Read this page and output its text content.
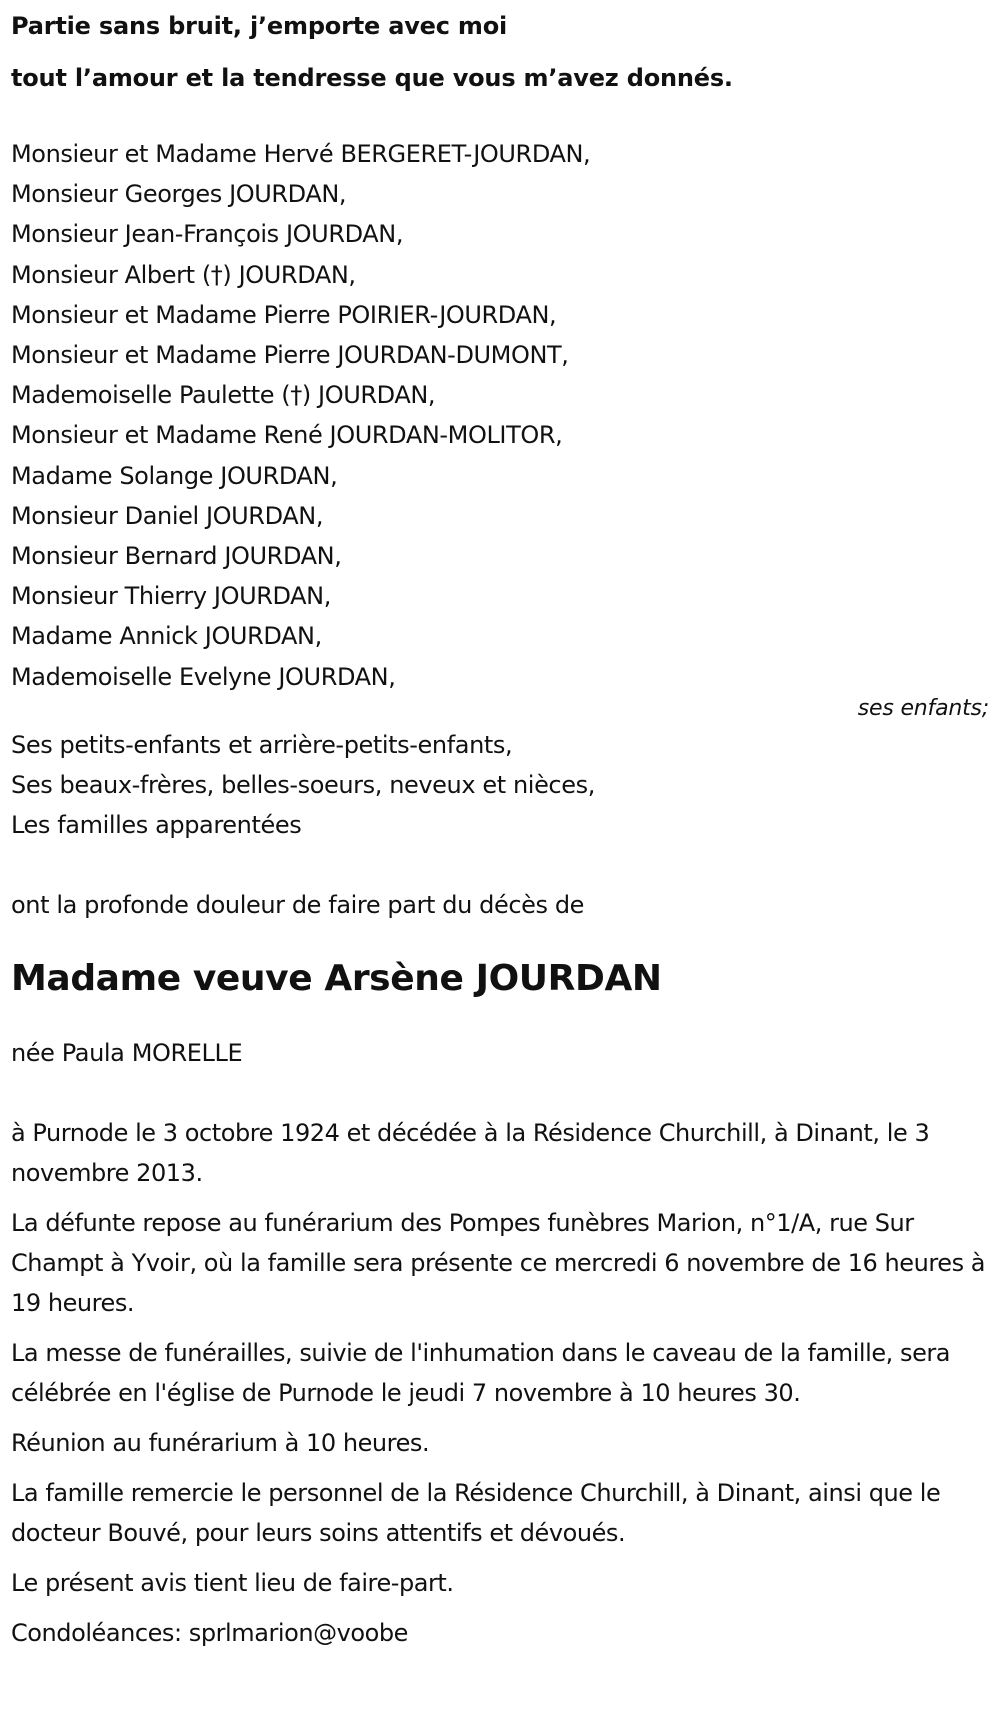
Partie sans bruit, j’emporte avec moi
tout l’amour et la tendresse que vous m’avez donnés.
Monsieur et Madame Hervé BERGERET-JOURDAN,
Monsieur Georges JOURDAN,
Monsieur Jean-François JOURDAN,
Monsieur Albert (†) JOURDAN,
Monsieur et Madame Pierre POIRIER-JOURDAN,
Monsieur et Madame Pierre JOURDAN-DUMONT,
Mademoiselle Paulette (†) JOURDAN,
Monsieur et Madame René JOURDAN-MOLITOR,
Madame Solange JOURDAN,
Monsieur Daniel JOURDAN,
Monsieur Bernard JOURDAN,
Monsieur Thierry JOURDAN,
Madame Annick JOURDAN,
Mademoiselle Evelyne JOURDAN,
ses enfants;
Ses petits-enfants et arrière-petits-enfants,
Ses beaux-frères, belles-soeurs, neveux et nièces,
Les familles apparentées
ont la profonde douleur de faire part du décès de
Madame veuve Arsène JOURDAN
née Paula MORELLE

à Purnode le 3 octobre 1924 et décédée à la Résidence Churchill, à Dinant, le 3 novembre 2013.

La défunte repose au funérarium des Pompes funèbres Marion, n°1/A, rue Sur Champt à Yvoir, où la famille sera présente ce mercredi 6 novembre de 16 heures à 19 heures.

La messe de funérailles, suivie de l'inhumation dans le caveau de la famille, sera célébrée en l'église de Purnode le jeudi 7 novembre à 10 heures 30.

Réunion au funérarium à 10 heures.

La famille remercie le personnel de la Résidence Churchill, à Dinant, ainsi que le docteur Bouvé, pour leurs soins attentifs et dévoués.

Le présent avis tient lieu de faire-part.

Condoléances: sprlmarion@voobe
